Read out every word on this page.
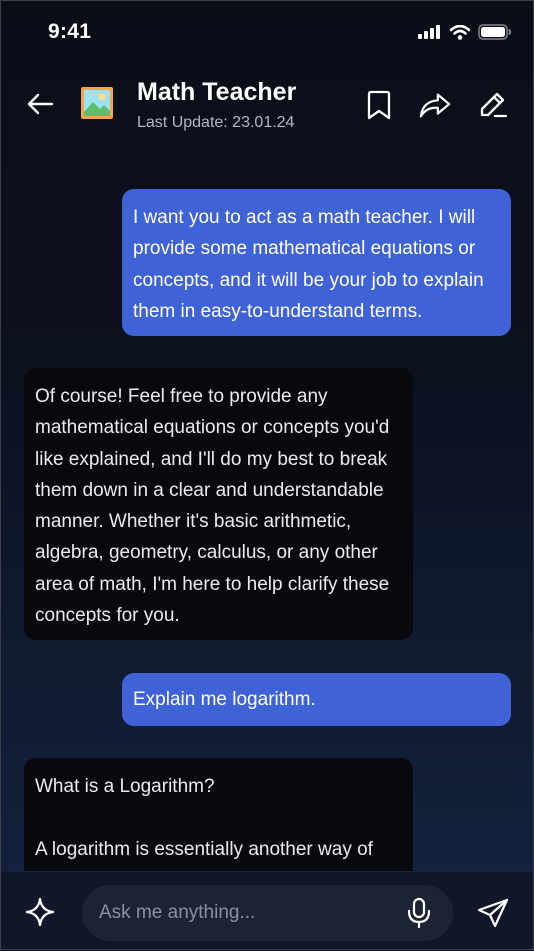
9:41
Math Teacher
Last Update: 23.01.24
I want you to act as a math teacher. I will
provide some mathematical equations or
concepts, and it will be your job to explain
them in easy-to-understand terms.
Of course! Feel free to provide any
mathematical equations or concepts you'd
like explained, and I'll do my best to break
them down in a clear and understandable
manner. Whether it's basic arithmetic,
algebra, geometry, calculus, or any other
area of math, I'm here to help clarify these
concepts for you.
Explain me logarithm.
What is a Logarithm?
A logarithm is essentially another way of
Ask me anything...
